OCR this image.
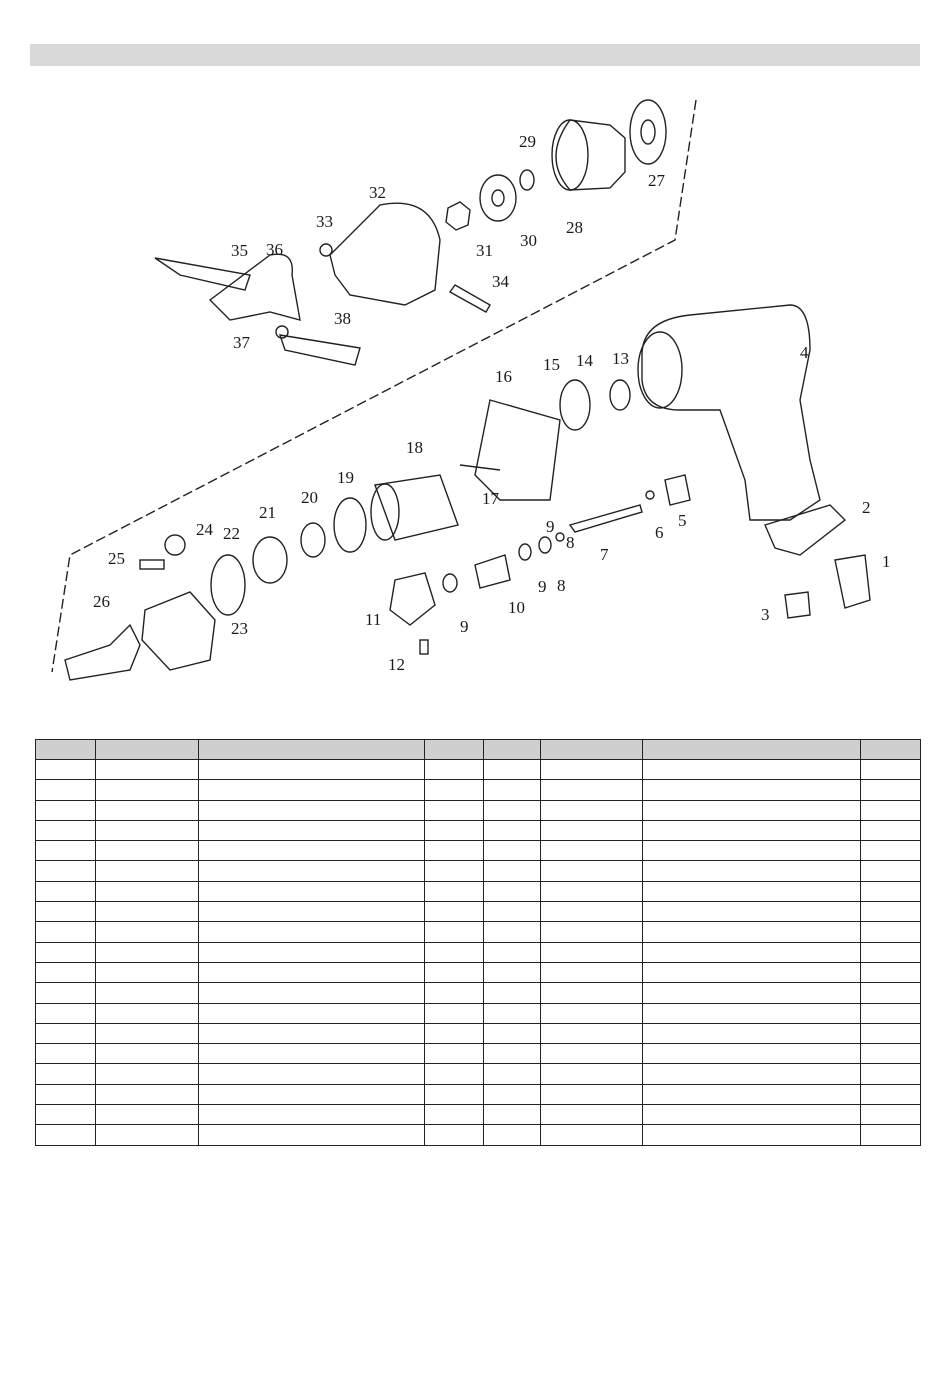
1
2
3
4
5
6
7
8
8
9
9
9
10
11
12
13
14
15
16
17
18
19
20
21
22
23
24
25
26
27
28
29
30
31
32
33
34
35 36
37
38
